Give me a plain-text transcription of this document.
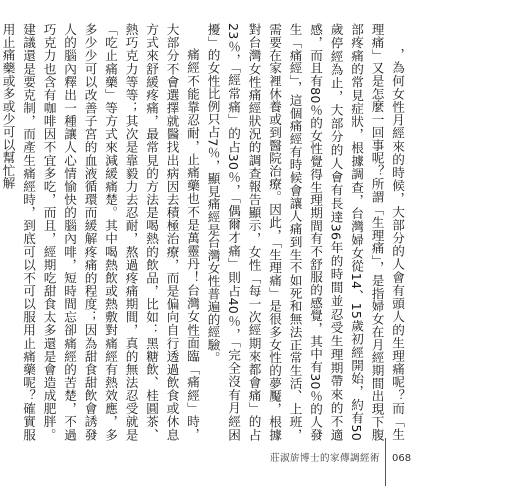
，為何女性月經來的時候，大部分的人會有頭人的生理痛呢？而「生理痛」又是怎麼一回事呢？所謂「生理痛」，是指婦女在月經期間出現下腹部疼痛的常見症狀，根據調查，台灣婦女從14、15歲初經開始，約有50歲停經為止，大部分的人會有長達36年的時間並忍受生理期帶來的不適感，而且有80％的女性覺得生理期間有不舒服的感覺，其中有30％的人發生「痛經」，這個痛經有時候會讓人痛到生不如死和無法正常生活、上班，需要在家裡休養或到醫院治療。因此，「生理痛」是很多女性的夢魘，根據對台灣女性痛經狀況的調查報告顯示，女性「每一次經期來都會痛」的占23％，「經常痛」的占30％，「偶爾才痛」則占40％，「完全沒有月經困擾」的女性比例只占7％，顯見痛經是台灣女性普遍的經驗。

痛經不能靠忍耐，止痛藥也不是萬靈丹！台灣女性面臨「痛經」時，大部分不會選擇就醫找出病因去積極治療，而是偏向自行透過飲食或休息方式來舒緩疼痛，最常見的方法是喝熱的飲品，比如：黑糖飲、桂圓茶、熱巧克力等等；其次是靠毅力去忍耐，熬過疼痛期間，真的無法忍受就是「吃止痛藥」等方式來減緩痛楚。其中喝熱飲或熱敷對痛經有熱效應，多多少少可以改善子宮的血液循環而緩解疼痛的程度；因為甜食甜飲會誘發人的腦內釋出一種讓人心情愉快的腦內啡，短時間忘卻痛經的苦楚，不過巧克力也含有咖啡因不宜多吃，而且，經期吃甜食太多還是會造成肥胖。建議還是要克制，而產生痛經時，到底可以不可以服用止痛藥呢？確實服用止痛藥或多或少可以幫忙解

莊淑旂博士的家傳調經術 068
